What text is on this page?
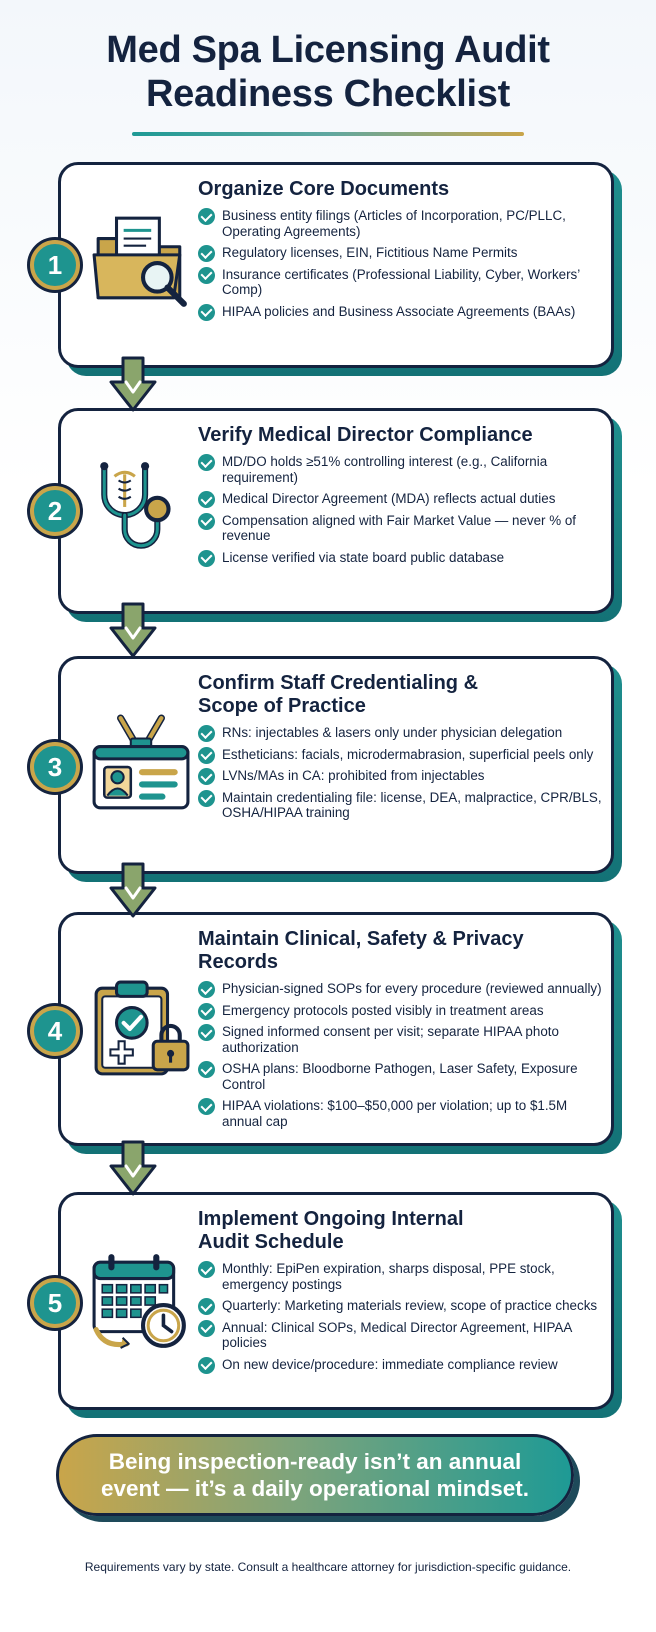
Med Spa Licensing Audit
Readiness Checklist
1
Organize Core Documents
Business entity filings (Articles of Incorporation, PC/PLLC, Operating Agreements)
Regulatory licenses, EIN, Fictitious Name Permits
Insurance certificates (Professional Liability, Cyber, Workers’ Comp)
HIPAA policies and Business Associate Agreements (BAAs)
2
Verify Medical Director Compliance
MD/DO holds ≥51% controlling interest (e.g., California requirement)
Medical Director Agreement (MDA) reflects actual duties
Compensation aligned with Fair Market Value — never % of revenue
License verified via state board public database
3
Confirm Staff Credentialing &
Scope of Practice
RNs: injectables & lasers only under physician delegation
Estheticians: facials, microdermabrasion, superficial peels only
LVNs/MAs in CA: prohibited from injectables
Maintain credentialing file: license, DEA, malpractice, CPR/BLS, OSHA/HIPAA training
4
Maintain Clinical, Safety & Privacy
Records
Physician-signed SOPs for every procedure (reviewed annually)
Emergency protocols posted visibly in treatment areas
Signed informed consent per visit; separate HIPAA photo authorization
OSHA plans: Bloodborne Pathogen, Laser Safety, Exposure Control
HIPAA violations: $100–$50,000 per violation; up to $1.5M annual cap
5
Implement Ongoing Internal
Audit Schedule
Monthly: EpiPen expiration, sharps disposal, PPE stock, emergency postings
Quarterly: Marketing materials review, scope of practice checks
Annual: Clinical SOPs, Medical Director Agreement, HIPAA policies
On new device/procedure: immediate compliance review
Being inspection-ready isn’t an annual
event — it’s a daily operational mindset.
Requirements vary by state. Consult a healthcare attorney for jurisdiction-specific guidance.
